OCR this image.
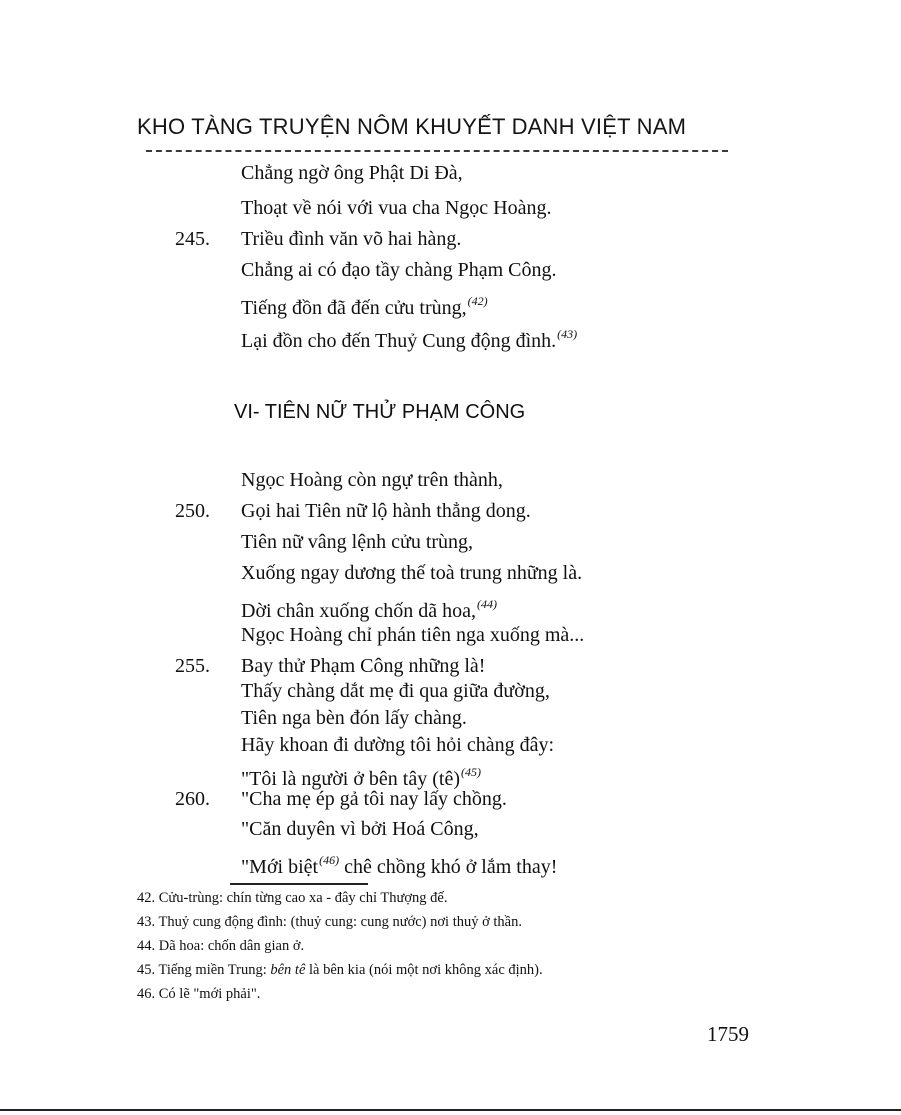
KHO TÀNG TRUYỆN NÔM KHUYẾT DANH VIỆT NAM
Chẳng ngờ ông Phật Di Đà,
Thoạt về nói với vua cha Ngọc Hoàng.
245. Triều đình văn võ hai hàng.
Chẳng ai có đạo tầy chàng Phạm Công.
Tiếng đồn đã đến cửu trùng,$^{(42)}$
Lại đồn cho đến Thuỷ Cung động đình.$^{(43)}$
VI- TIÊN NỮ THỬ PHẠM CÔNG
Ngọc Hoàng còn ngự trên thành,
250. Gọi hai Tiên nữ lộ hành thẳng dong.
Tiên nữ vâng lệnh cửu trùng,
Xuống ngay dương thế toà trung những là.
Dời chân xuống chốn dã hoa,$^{(44)}$
Ngọc Hoàng chỉ phán tiên nga xuống mà...
255. Bay thử Phạm Công những là!
Thấy chàng dắt mẹ đi qua giữa đường,
Tiên nga bèn đón lấy chàng.
Hãy khoan đi dường tôi hỏi chàng đây:
"Tôi là người ở bên tây (tê)$^{(45)}$
260. "Cha mẹ ép gả tôi nay lấy chồng.
"Căn duyên vì bởi Hoá Công,
"Mới biệt$^{(46)}$ chê chồng khó ở lắm thay!
42. Cửu-trùng: chín từng cao xa - đây chỉ Thượng đế.
43. Thuỷ cung động đình: (thuỷ cung: cung nước) nơi thuỷ ở thần.
44. Dã hoa: chốn dân gian ở.
45. Tiếng miền Trung: bên tê là bên kia (nói một nơi không xác định).
46. Có lẽ "mới phải".
1759
